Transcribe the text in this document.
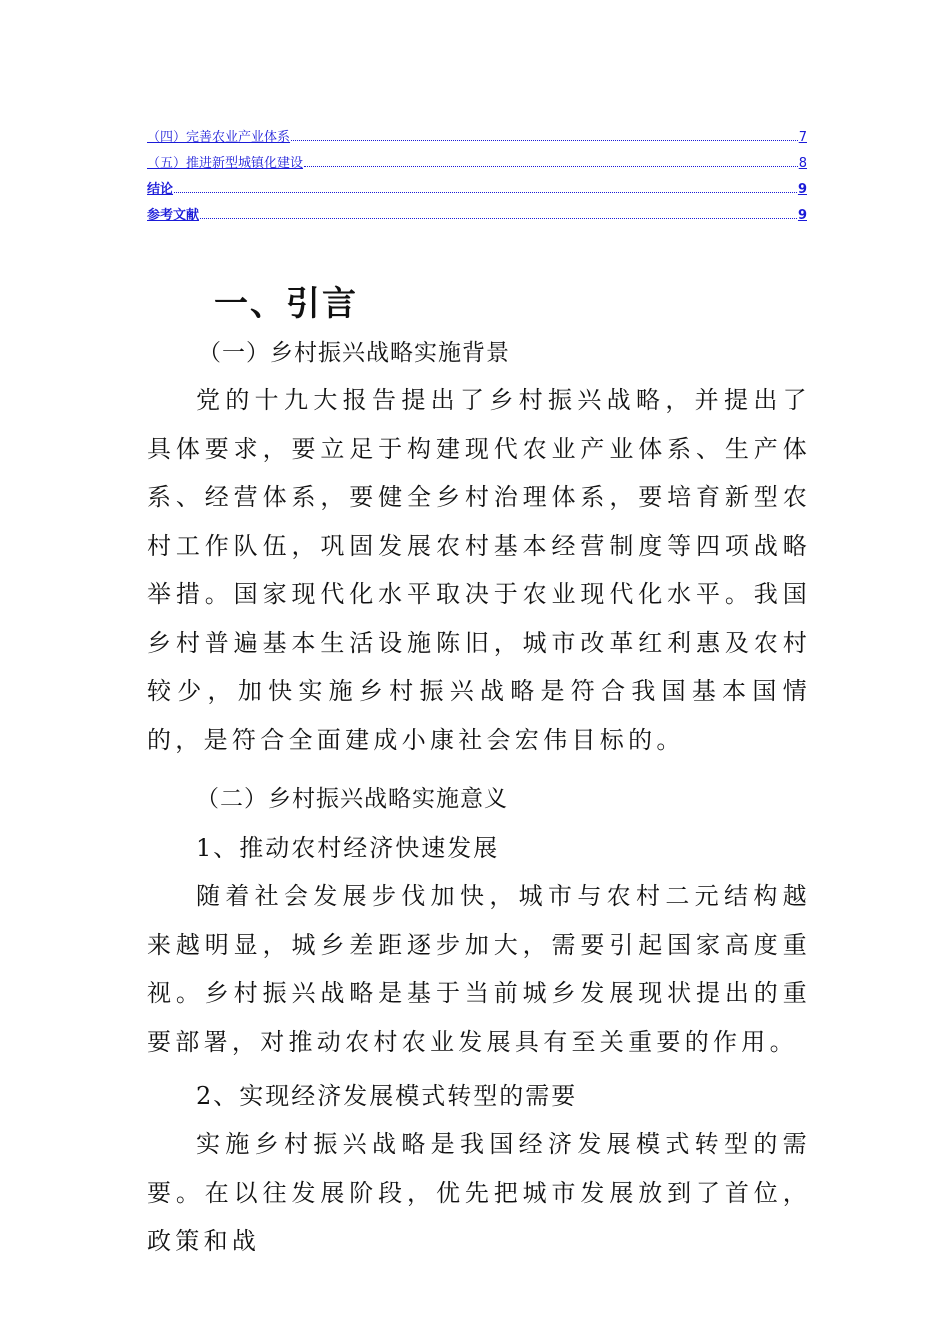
（四）完善农业产业体系	7
（五）推进新型城镇化建设	8
结论	9
参考文献	9
一、引言
（一）乡村振兴战略实施背景
党的十九大报告提出了乡村振兴战略，并提出了具体要求，要立足于构建现代农业产业体系、生产体系、经营体系，要健全乡村治理体系，要培育新型农村工作队伍，巩固发展农村基本经营制度等四项战略举措。国家现代化水平取决于农业现代化水平。我国乡村普遍基本生活设施陈旧，城市改革红利惠及农村较少，加快实施乡村振兴战略是符合我国基本国情的，是符合全面建成小康社会宏伟目标的。
（二）乡村振兴战略实施意义
1、推动农村经济快速发展
随着社会发展步伐加快，城市与农村二元结构越来越明显，城乡差距逐步加大，需要引起国家高度重视。乡村振兴战略是基于当前城乡发展现状提出的重要部署，对推动农村农业发展具有至关重要的作用。
2、实现经济发展模式转型的需要
实施乡村振兴战略是我国经济发展模式转型的需要。在以往发展阶段，优先把城市发展放到了首位，政策和战
